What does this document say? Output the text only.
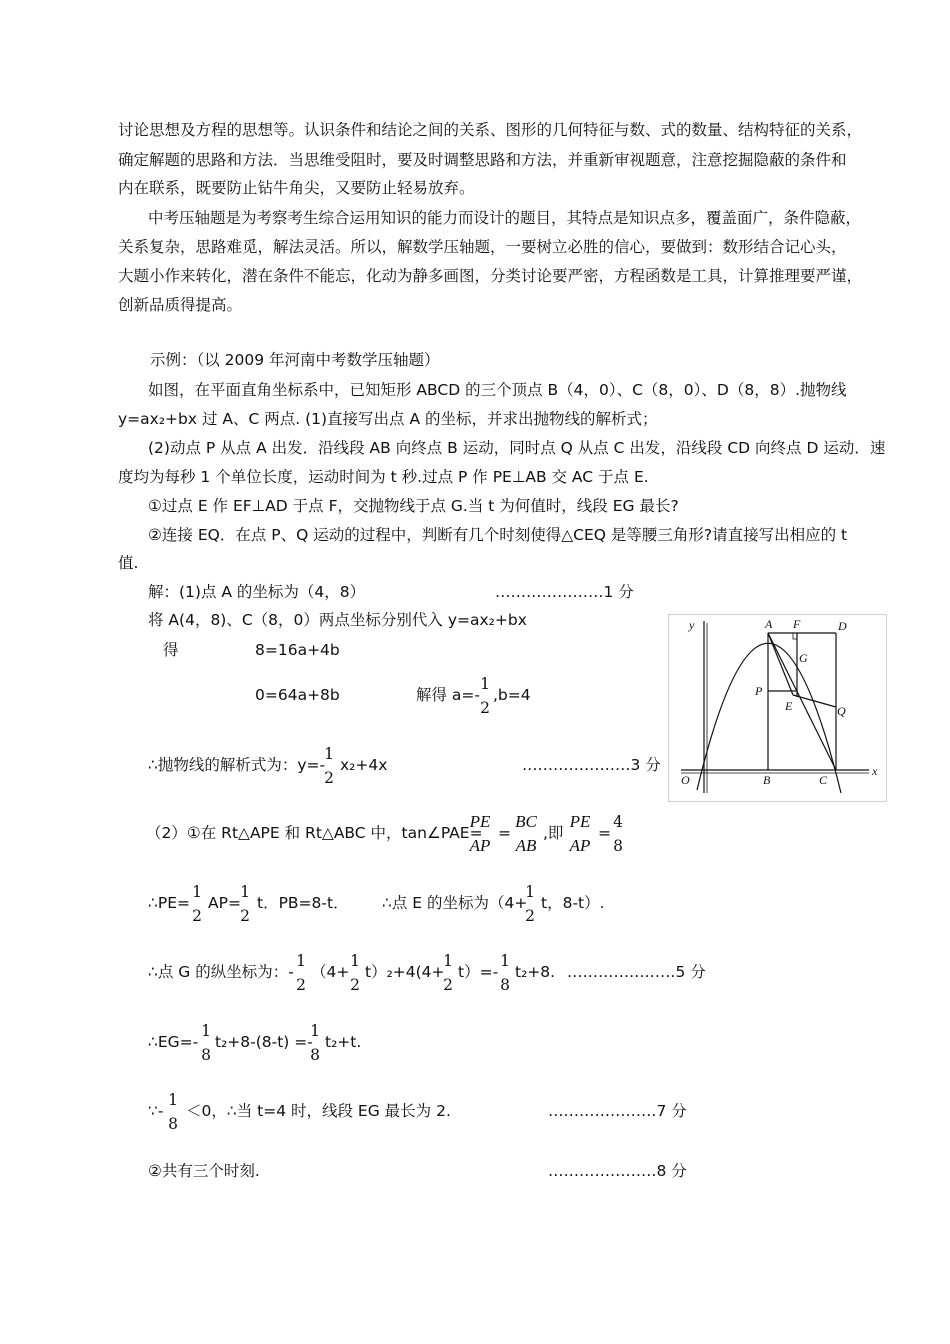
讨论思想及方程的思想等。认识条件和结论之间的关系、图形的几何特征与数、式的数量、结构特征的关系，
确定解题的思路和方法．当思维受阻时，要及时调整思路和方法，并重新审视题意，注意挖掘隐蔽的条件和
内在联系，既要防止钻牛角尖，又要防止轻易放弃。
中考压轴题是为考察考生综合运用知识的能力而设计的题目，其特点是知识点多，覆盖面广，条件隐蔽，
关系复杂，思路难觅，解法灵活。所以，解数学压轴题，一要树立必胜的信心，要做到：数形结合记心头，
大题小作来转化，潜在条件不能忘，化动为静多画图，分类讨论要严密，方程函数是工具，计算推理要严谨，
创新品质得提高。
示例：（以 2009 年河南中考数学压轴题）
如图，在平面直角坐标系中，已知矩形 ABCD 的三个顶点 B（4，0）、C（8，0）、D（8，8）.抛物线
y=ax₂+bx 过 A、C 两点. (1)直接写出点 A 的坐标，并求出抛物线的解析式；
(2)动点 P 从点 A 出发．沿线段 AB 向终点 B 运动，同时点 Q 从点 C 出发，沿线段 CD 向终点 D 运动．速
度均为每秒 1 个单位长度，运动时间为 t 秒.过点 P 作 PE⊥AB 交 AC 于点 E.
①过点 E 作 EF⊥AD 于点 F，交抛物线于点 G.当 t 为何值时，线段 EG 最长?
②连接 EQ．在点 P、Q 运动的过程中，判断有几个时刻使得△CEQ 是等腰三角形?请直接写出相应的 t
值.
解：(1)点 A 的坐标为（4，8）	…………………1 分
将 A(4，8)、C（8，0）两点坐标分别代入 y=ax₂+bx
得	8=16a+4b
0=64a+8b	解得 a=-
1
2
,b=4
∴抛物线的解析式为：y=-
1
2
x₂+4x	…………………3 分
（2）①在 Rt△APE 和 Rt△ABC 中，tan∠PAE=
PE
AP
=
BC
AB
,即
PE
AP
=
4
8
∴PE=
1
2
AP=
1
2
t．PB=8-t． ∴点 E 的坐标为（4+
1
2
t，8-t）.
∴点 G 的纵坐标为：-
1
2
（4+
1
2
t）₂+4(4+
1
2
t）=-
1
8
t₂+8. …………………5 分
∴EG=-
1
8
t₂+8-(8-t) =-
1
8
t₂+t.
∵-
1
8
＜0，∴当 t=4 时，线段 EG 最长为 2.	…………………7 分
②共有三个时刻.	…………………8 分
y
x
O	B	C
A F	D
G
P
E	Q
